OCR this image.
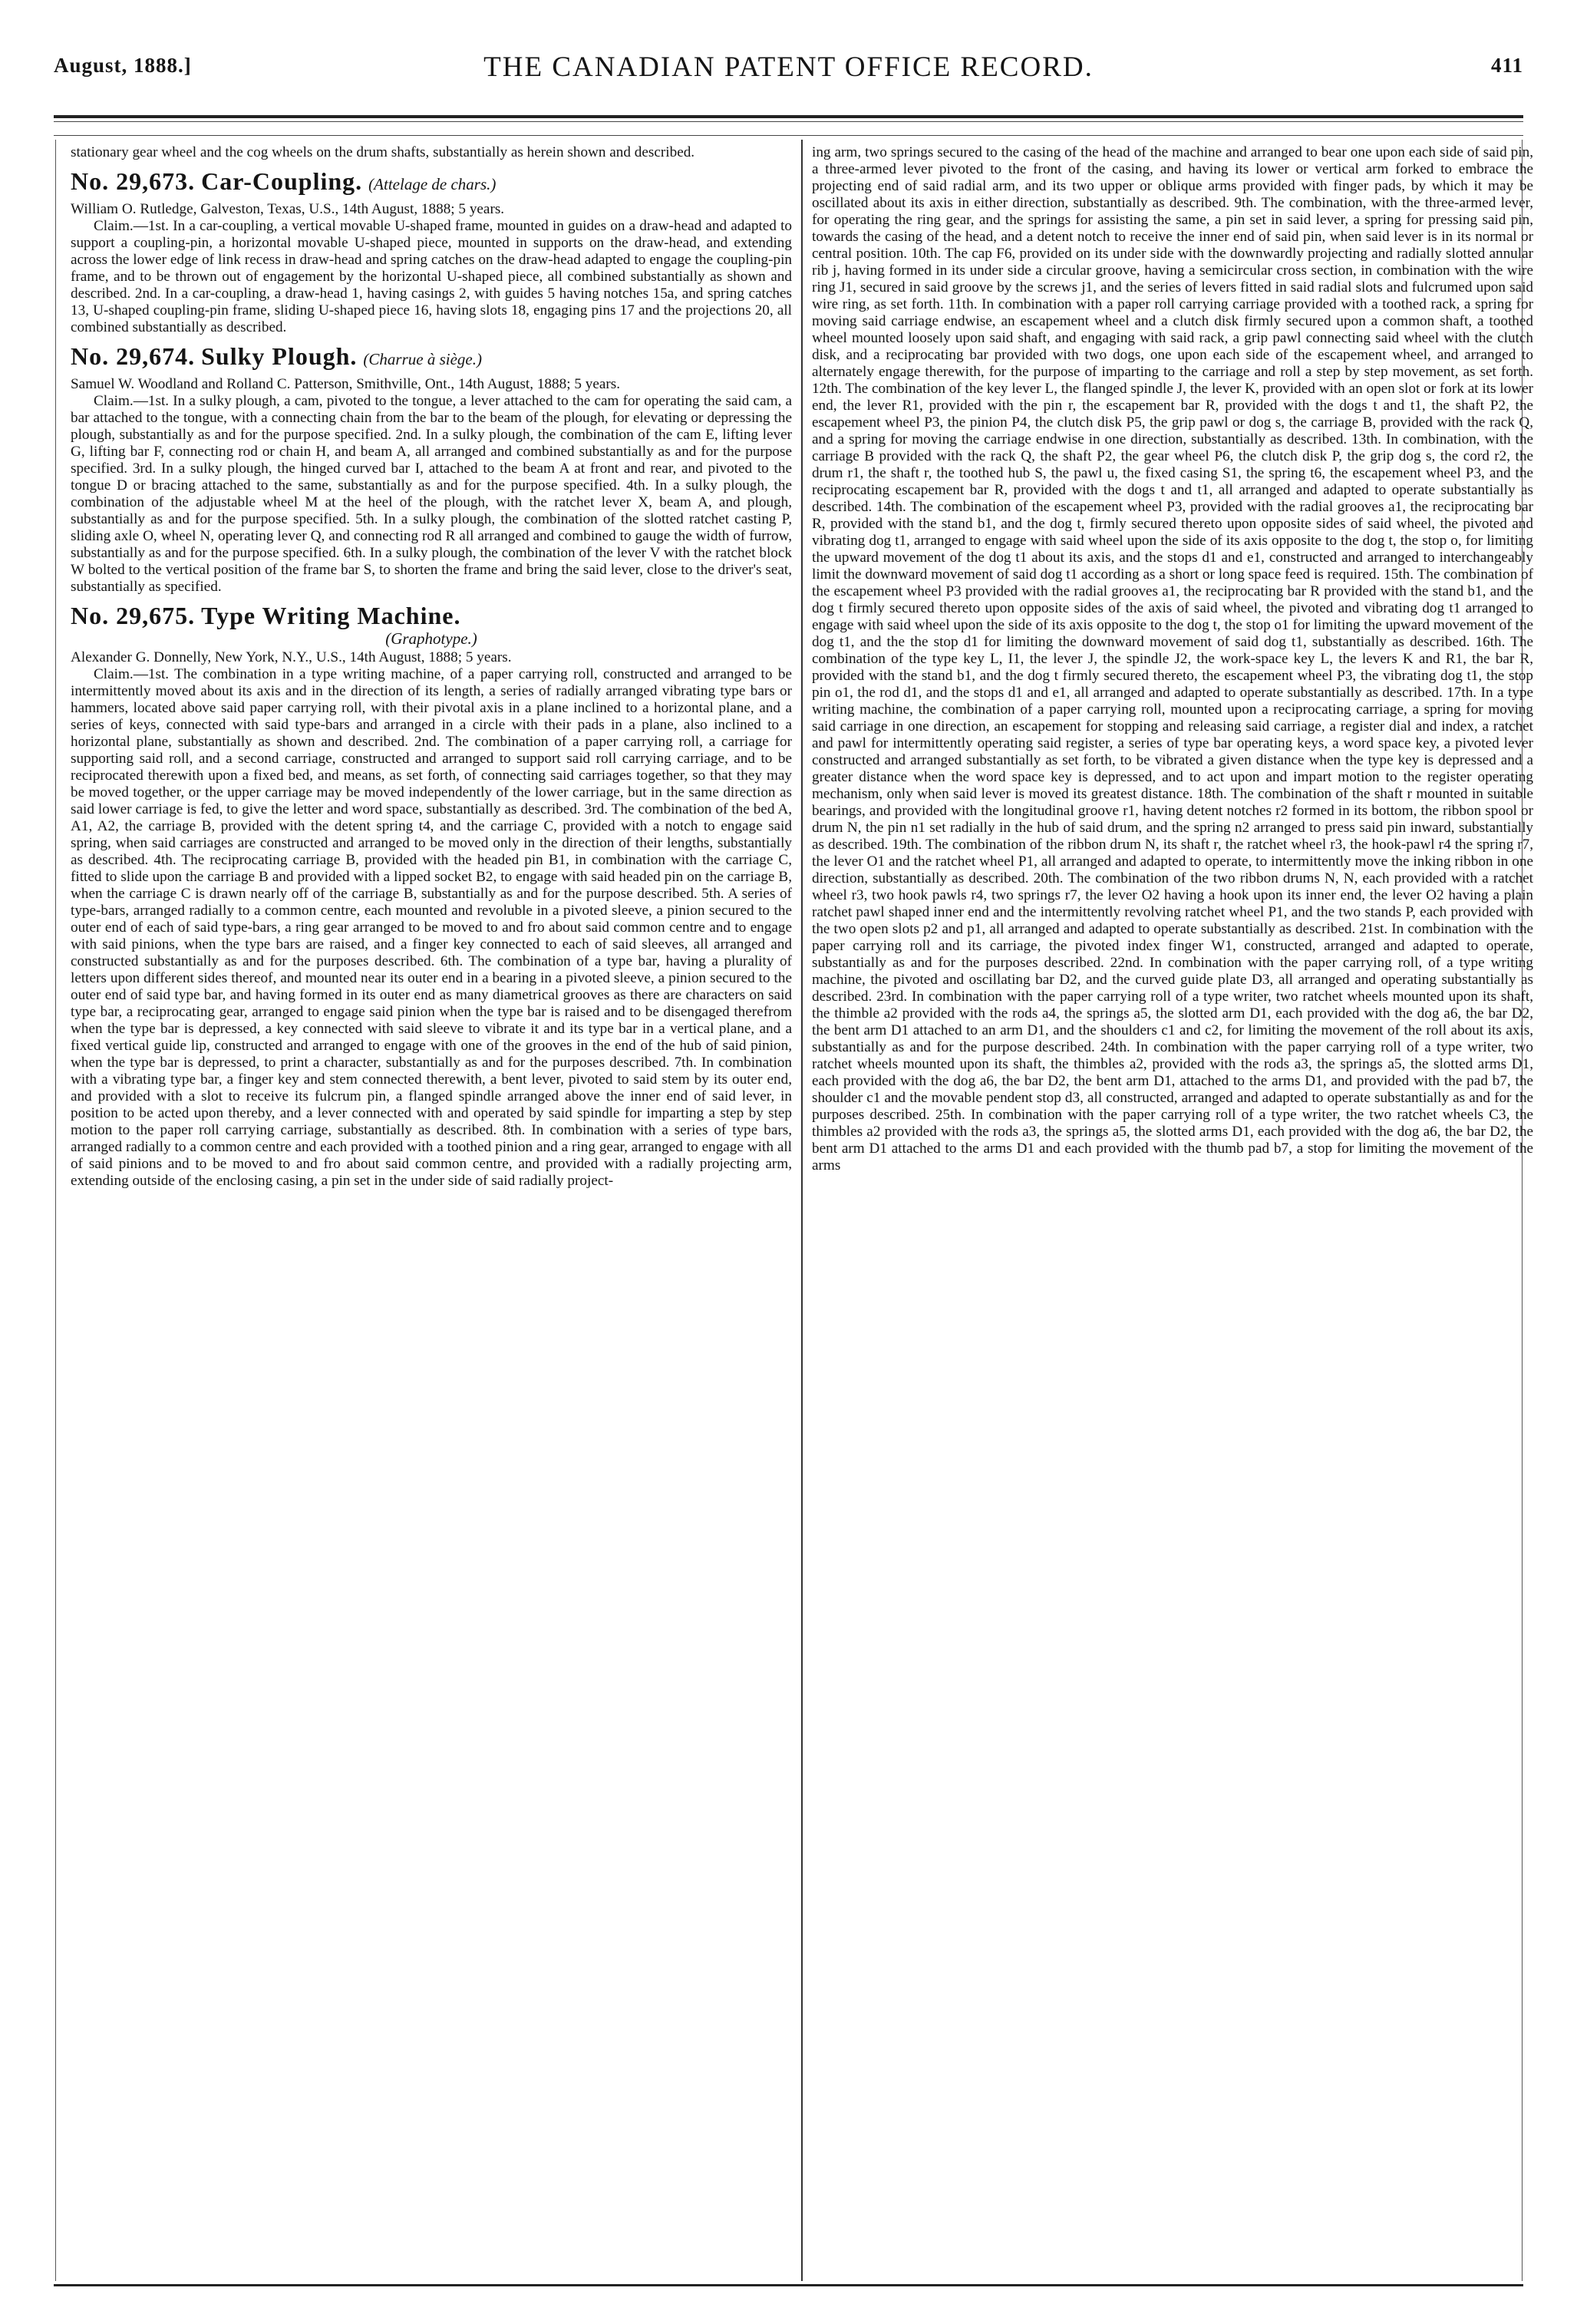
August, 1888.]	THE CANADIAN PATENT OFFICE RECORD.	411

stationary gear wheel and the cog wheels on the drum shafts, substantially as herein shown and described.

No. 29,673. Car-Coupling. (Attelage de chars.)

William O. Rutledge, Galveston, Texas, U.S., 14th August, 1888; 5 years.

Claim.—1st. In a car-coupling, a vertical movable U-shaped frame, mounted in guides on a draw-head and adapted to support a coupling-pin, a horizontal movable U-shaped piece, mounted in supports on the draw-head, and extending across the lower edge of link recess in draw-head and spring catches on the draw-head adapted to engage the coupling-pin frame, and to be thrown out of engagement by the horizontal U-shaped piece, all combined substantially as shown and described. 2nd. In a car-coupling, a draw-head 1, having casings 2, with guides 5 having notches 15a, and spring catches 13, U-shaped coupling-pin frame, sliding U-shaped piece 16, having slots 18, engaging pins 17 and the projections 20, all combined substantially as described.

No. 29,674. Sulky Plough. (Charrue à siège.)

Samuel W. Woodland and Rolland C. Patterson, Smithville, Ont., 14th August, 1888; 5 years.

Claim.—1st. In a sulky plough, a cam, pivoted to the tongue, a lever attached to the cam for operating the said cam, a bar attached to the tongue, with a connecting chain from the bar to the beam of the plough, for elevating or depressing the plough, substantially as and for the purpose specified. 2nd. In a sulky plough, the combination of the cam E, lifting lever G, lifting bar F, connecting rod or chain H, and beam A, all arranged and combined substantially as and for the purpose specified. 3rd. In a sulky plough, the hinged curved bar I, attached to the beam A at front and rear, and pivoted to the tongue D or bracing attached to the same, substantially as and for the purpose specified. 4th. In a sulky plough, the combination of the adjustable wheel M at the heel of the plough, with the ratchet lever X, beam A, and plough, substantially as and for the purpose specified. 5th. In a sulky plough, the combination of the slotted ratchet casting P, sliding axle O, wheel N, operating lever Q, and connecting rod R all arranged and combined to gauge the width of furrow, substantially as and for the purpose specified. 6th. In a sulky plough, the combination of the lever V with the ratchet block W bolted to the vertical position of the frame bar S, to shorten the frame and bring the said lever, close to the driver's seat, substantially as specified.

No. 29,675. Type Writing Machine.
(Graphotype.)

Alexander G. Donnelly, New York, N.Y., U.S., 14th August, 1888; 5 years.

Claim.—1st. The combination in a type writing machine, of a paper carrying roll, constructed and arranged to be intermittently moved about its axis and in the direction of its length, a series of radially arranged vibrating type bars or hammers, located above said paper carrying roll, with their pivotal axis in a plane inclined to a horizontal plane, and a series of keys, connected with said type-bars and arranged in a circle with their pads in a plane, also inclined to a horizontal plane, substantially as shown and described. 2nd. The combination of a paper carrying roll, a carriage for supporting said roll, and a second carriage, constructed and arranged to support said roll carrying carriage, and to be reciprocated therewith upon a fixed bed, and means, as set forth, of connecting said carriages together, so that they may be moved together, or the upper carriage may be moved independently of the lower carriage, but in the same direction as said lower carriage is fed, to give the letter and word space, substantially as described. 3rd. The combination of the bed A, A1, A2, the carriage B, provided with the detent spring t4, and the carriage C, provided with a notch to engage said spring, when said carriages are constructed and arranged to be moved only in the direction of their lengths, substantially as described. 4th. The reciprocating carriage B, provided with the headed pin B1, in combination with the carriage C, fitted to slide upon the carriage B and provided with a lipped socket B2, to engage with said headed pin on the carriage B, when the carriage C is drawn nearly off of the carriage B, substantially as and for the purpose described. 5th. A series of type-bars, arranged radially to a common centre, each mounted and revoluble in a pivoted sleeve, a pinion secured to the outer end of each of said type-bars, a ring gear arranged to be moved to and fro about said common centre and to engage with said pinions, when the type bars are raised, and a finger key connected to each of said sleeves, all arranged and constructed substantially as and for the purposes described. 6th. The combination of a type bar, having a plurality of letters upon different sides thereof, and mounted near its outer end in a bearing in a pivoted sleeve, a pinion secured to the outer end of said type bar, and having formed in its outer end as many diametrical grooves as there are characters on said type bar, a reciprocating gear, arranged to engage said pinion when the type bar is raised and to be disengaged therefrom when the type bar is depressed, a key connected with said sleeve to vibrate it and its type bar in a vertical plane, and a fixed vertical guide lip, constructed and arranged to engage with one of the grooves in the end of the hub of said pinion, when the type bar is depressed, to print a character, substantially as and for the purposes described. 7th. In combination with a vibrating type bar, a finger key and stem connected therewith, a bent lever, pivoted to said stem by its outer end, and provided with a slot to receive its fulcrum pin, a flanged spindle arranged above the inner end of said lever, in position to be acted upon thereby, and a lever connected with and operated by said spindle for imparting a step by step motion to the paper roll carrying carriage, substantially as described. 8th. In combination with a series of type bars, arranged radially to a common centre and each provided with a toothed pinion and a ring gear, arranged to engage with all of said pinions and to be moved to and fro about said common centre, and provided with a radially projecting arm, extending outside of the enclosing casing, a pin set in the under side of said radially project-

ing arm, two springs secured to the casing of the head of the machine and arranged to bear one upon each side of said pin, a three-armed lever pivoted to the front of the casing, and having its lower or vertical arm forked to embrace the projecting end of said radial arm, and its two upper or oblique arms provided with finger pads, by which it may be oscillated about its axis in either direction, substantially as described. 9th. The combination, with the three-armed lever, for operating the ring gear, and the springs for assisting the same, a pin set in said lever, a spring for pressing said pin, towards the casing of the head, and a detent notch to receive the inner end of said pin, when said lever is in its normal or central position. 10th. The cap F6, provided on its under side with the downwardly projecting and radially slotted annular rib j, having formed in its under side a circular groove, having a semicircular cross section, in combination with the wire ring J1, secured in said groove by the screws j1, and the series of levers fitted in said radial slots and fulcrumed upon said wire ring, as set forth. 11th. In combination with a paper roll carrying carriage provided with a toothed rack, a spring for moving said carriage endwise, an escapement wheel and a clutch disk firmly secured upon a common shaft, a toothed wheel mounted loosely upon said shaft, and engaging with said rack, a grip pawl connecting said wheel with the clutch disk, and a reciprocating bar provided with two dogs, one upon each side of the escapement wheel, and arranged to alternately engage therewith, for the purpose of imparting to the carriage and roll a step by step movement, as set forth. 12th. The combination of the key lever L, the flanged spindle J, the lever K, provided with an open slot or fork at its lower end, the lever R1, provided with the pin r, the escapement bar R, provided with the dogs t and t1, the shaft P2, the escapement wheel P3, the pinion P4, the clutch disk P5, the grip pawl or dog s, the carriage B, provided with the rack Q, and a spring for moving the carriage endwise in one direction, substantially as described. 13th. In combination, with the carriage B provided with the rack Q, the shaft P2, the gear wheel P6, the clutch disk P, the grip dog s, the cord r2, the drum r1, the shaft r, the toothed hub S, the pawl u, the fixed casing S1, the spring t6, the escapement wheel P3, and the reciprocating escapement bar R, provided with the dogs t and t1, all arranged and adapted to operate substantially as described. 14th. The combination of the escapement wheel P3, provided with the radial grooves a1, the reciprocating bar R, provided with the stand b1, and the dog t, firmly secured thereto upon opposite sides of said wheel, the pivoted and vibrating dog t1, arranged to engage with said wheel upon the side of its axis opposite to the dog t, the stop o, for limiting the upward movement of the dog t1 about its axis, and the stops d1 and e1, constructed and arranged to interchangeably limit the downward movement of said dog t1 according as a short or long space feed is required. 15th. The combination of the escapement wheel P3 provided with the radial grooves a1, the reciprocating bar R provided with the stand b1, and the dog t firmly secured thereto upon opposite sides of the axis of said wheel, the pivoted and vibrating dog t1 arranged to engage with said wheel upon the side of its axis opposite to the dog t, the stop o1 for limiting the upward movement of the dog t1, and the the stop d1 for limiting the downward movement of said dog t1, substantially as described. 16th. The combination of the type key L, I1, the lever J, the spindle J2, the work-space key L, the levers K and R1, the bar R, provided with the stand b1, and the dog t firmly secured thereto, the escapement wheel P3, the vibrating dog t1, the stop pin o1, the rod d1, and the stops d1 and e1, all arranged and adapted to operate substantially as described. 17th. In a type writing machine, the combination of a paper carrying roll, mounted upon a reciprocating carriage, a spring for moving said carriage in one direction, an escapement for stopping and releasing said carriage, a register dial and index, a ratchet and pawl for intermittently operating said register, a series of type bar operating keys, a word space key, a pivoted lever constructed and arranged substantially as set forth, to be vibrated a given distance when the type key is depressed and a greater distance when the word space key is depressed, and to act upon and impart motion to the register operating mechanism, only when said lever is moved its greatest distance. 18th. The combination of the shaft r mounted in suitable bearings, and provided with the longitudinal groove r1, having detent notches r2 formed in its bottom, the ribbon spool or drum N, the pin n1 set radially in the hub of said drum, and the spring n2 arranged to press said pin inward, substantially as described. 19th. The combination of the ribbon drum N, its shaft r, the ratchet wheel r3, the hook-pawl r4 the spring r7, the lever O1 and the ratchet wheel P1, all arranged and adapted to operate, to intermittently move the inking ribbon in one direction, substantially as described. 20th. The combination of the two ribbon drums N, N, each provided with a ratchet wheel r3, two hook pawls r4, two springs r7, the lever O2 having a hook upon its inner end, the lever O2 having a plain ratchet pawl shaped inner end and the intermittently revolving ratchet wheel P1, and the two stands P, each provided with the two open slots p2 and p1, all arranged and adapted to operate substantially as described. 21st. In combination with the paper carrying roll and its carriage, the pivoted index finger W1, constructed, arranged and adapted to operate, substantially as and for the purposes described. 22nd. In combination with the paper carrying roll, of a type writing machine, the pivoted and oscillating bar D2, and the curved guide plate D3, all arranged and operating substantially as described. 23rd. In combination with the paper carrying roll of a type writer, two ratchet wheels mounted upon its shaft, the thimble a2 provided with the rods a4, the springs a5, the slotted arm D1, each provided with the dog a6, the bar D2, the bent arm D1 attached to an arm D1, and the shoulders c1 and c2, for limiting the movement of the roll about its axis, substantially as and for the purpose described. 24th. In combination with the paper carrying roll of a type writer, two ratchet wheels mounted upon its shaft, the thimbles a2, provided with the rods a3, the springs a5, the slotted arms D1, each provided with the dog a6, the bar D2, the bent arm D1, attached to the arms D1, and provided with the pad b7, the shoulder c1 and the movable pendent stop d3, all constructed, arranged and adapted to operate substantially as and for the purposes described. 25th. In combination with the paper carrying roll of a type writer, the two ratchet wheels C3, the thimbles a2 provided with the rods a3, the springs a5, the slotted arms D1, each provided with the dog a6, the bar D2, the bent arm D1 attached to the arms D1 and each provided with the thumb pad b7, a stop for limiting the movement of the arms
